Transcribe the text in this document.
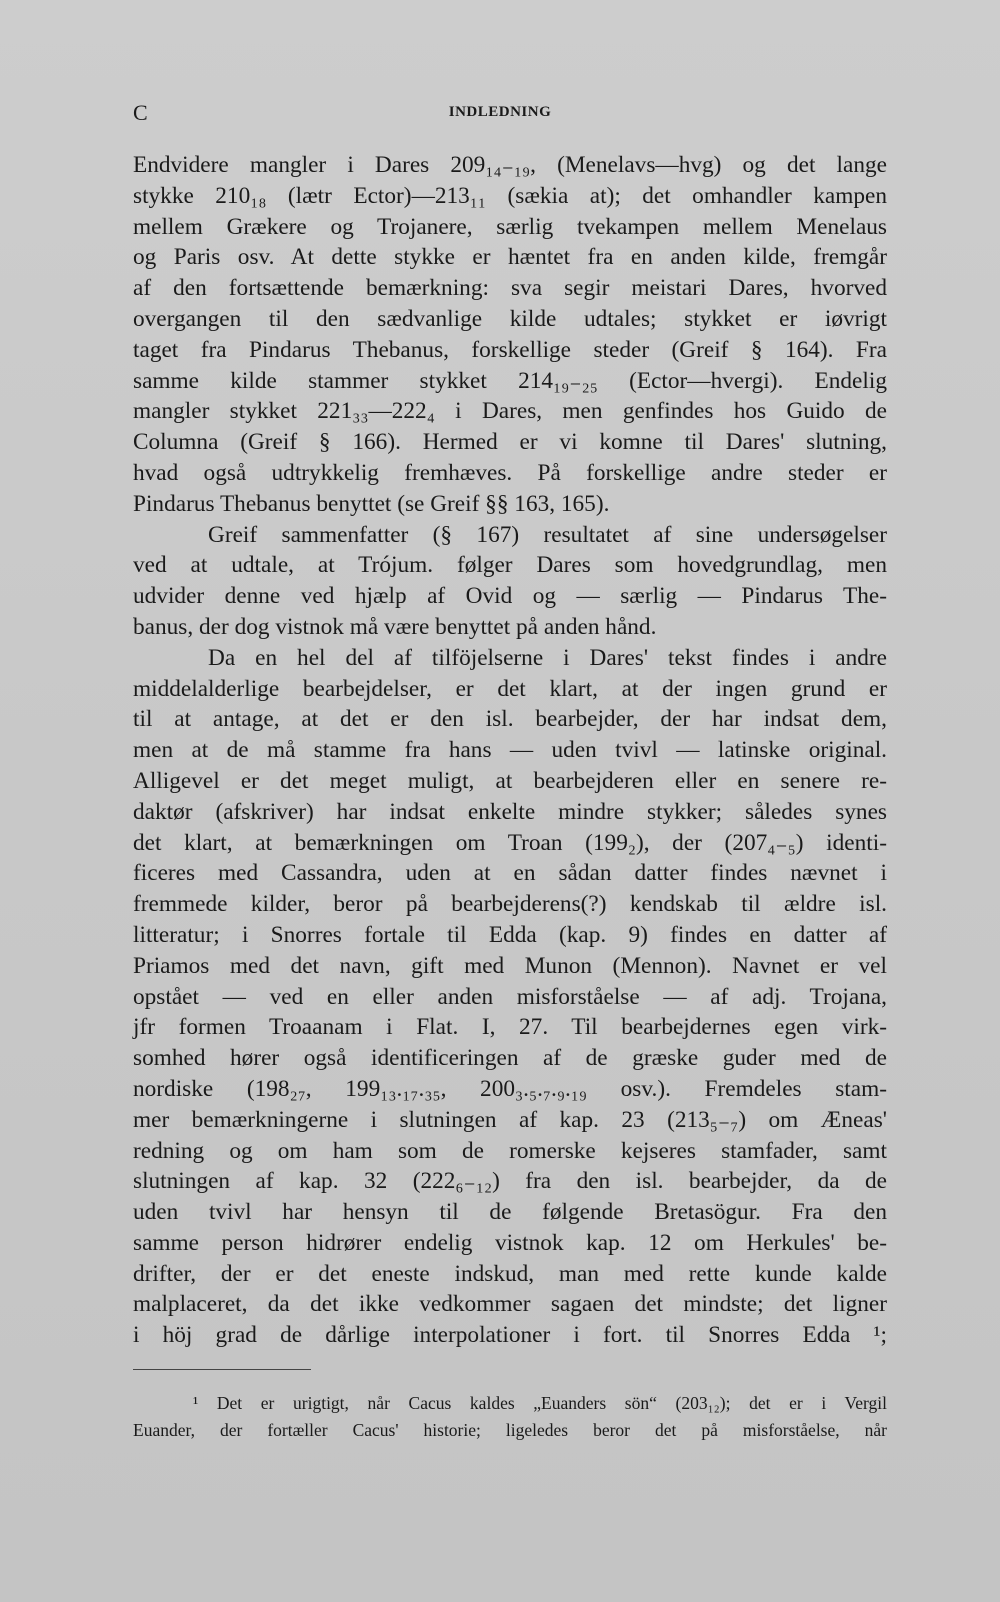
C	INDLEDNING
Endvidere mangler i Dares 209₁₄₋₁₉, (Menelavs—hvg) og det lange
stykke 210₁₈ (lætr Ector)—213₁₁ (sækia at); det omhandler kampen
mellem Grækere og Trojanere, særlig tvekampen mellem Menelaus
og Paris osv. At dette stykke er hæntet fra en anden kilde, fremgår
af den fortsættende bemærkning: sva segir meistari Dares, hvorved
overgangen til den sædvanlige kilde udtales; stykket er iøvrigt
taget fra Pindarus Thebanus, forskellige steder (Greif § 164). Fra
samme kilde stammer stykket 214₁₉₋₂₅ (Ector—hvergi). Endelig
mangler stykket 221₃₃—222₄ i Dares, men genfindes hos Guido de
Columna (Greif § 166). Hermed er vi komne til Dares' slutning,
hvad også udtrykkelig fremhæves. På forskellige andre steder er
Pindarus Thebanus benyttet (se Greif §§ 163, 165).
Greif sammenfatter (§ 167) resultatet af sine undersøgelser
ved at udtale, at Trójum. følger Dares som hovedgrundlag, men
udvider denne ved hjælp af Ovid og — særlig — Pindarus The-
banus, der dog vistnok må være benyttet på anden hånd.
Da en hel del af tilföjelserne i Dares' tekst findes i andre
middelalderlige bearbejdelser, er det klart, at der ingen grund er
til at antage, at det er den isl. bearbejder, der har indsat dem,
men at de må stamme fra hans — uden tvivl — latinske original.
Alligevel er det meget muligt, at bearbejderen eller en senere re-
daktør (afskriver) har indsat enkelte mindre stykker; således synes
det klart, at bemærkningen om Troan (199₂), der (207₄₋₅) identi-
ficeres med Cassandra, uden at en sådan datter findes nævnet i
fremmede kilder, beror på bearbejderens(?) kendskab til ældre isl.
litteratur; i Snorres fortale til Edda (kap. 9) findes en datter af
Priamos med det navn, gift med Munon (Mennon). Navnet er vel
opstået — ved en eller anden misforståelse — af adj. Trojana,
jfr formen Troaanam i Flat. I, 27. Til bearbejdernes egen virk-
somhed hører også identificeringen af de græske guder med de
nordiske (198₂₇, 199₁₃.₁₇.₃₅, 200₃.₅.₇.₉.₁₉ osv.). Fremdeles stam-
mer bemærkningerne i slutningen af kap. 23 (213₅₋₇) om Æneas'
redning og om ham som de romerske kejseres stamfader, samt
slutningen af kap. 32 (222₆₋₁₂) fra den isl. bearbejder, da de
uden tvivl har hensyn til de følgende Bretasögur. Fra den
samme person hidrører endelig vistnok kap. 12 om Herkules' be-
drifter, der er det eneste indskud, man med rette kunde kalde
malplaceret, da det ikke vedkommer sagaen det mindste; det ligner
i höj grad de dårlige interpolationer i fort. til Snorres Edda ¹;
¹ Det er urigtigt, når Cacus kaldes „Euanders sön“ (203₁₂); det er i Vergil
Euander, der fortæller Cacus' historie; ligeledes beror det på misforståelse, når
